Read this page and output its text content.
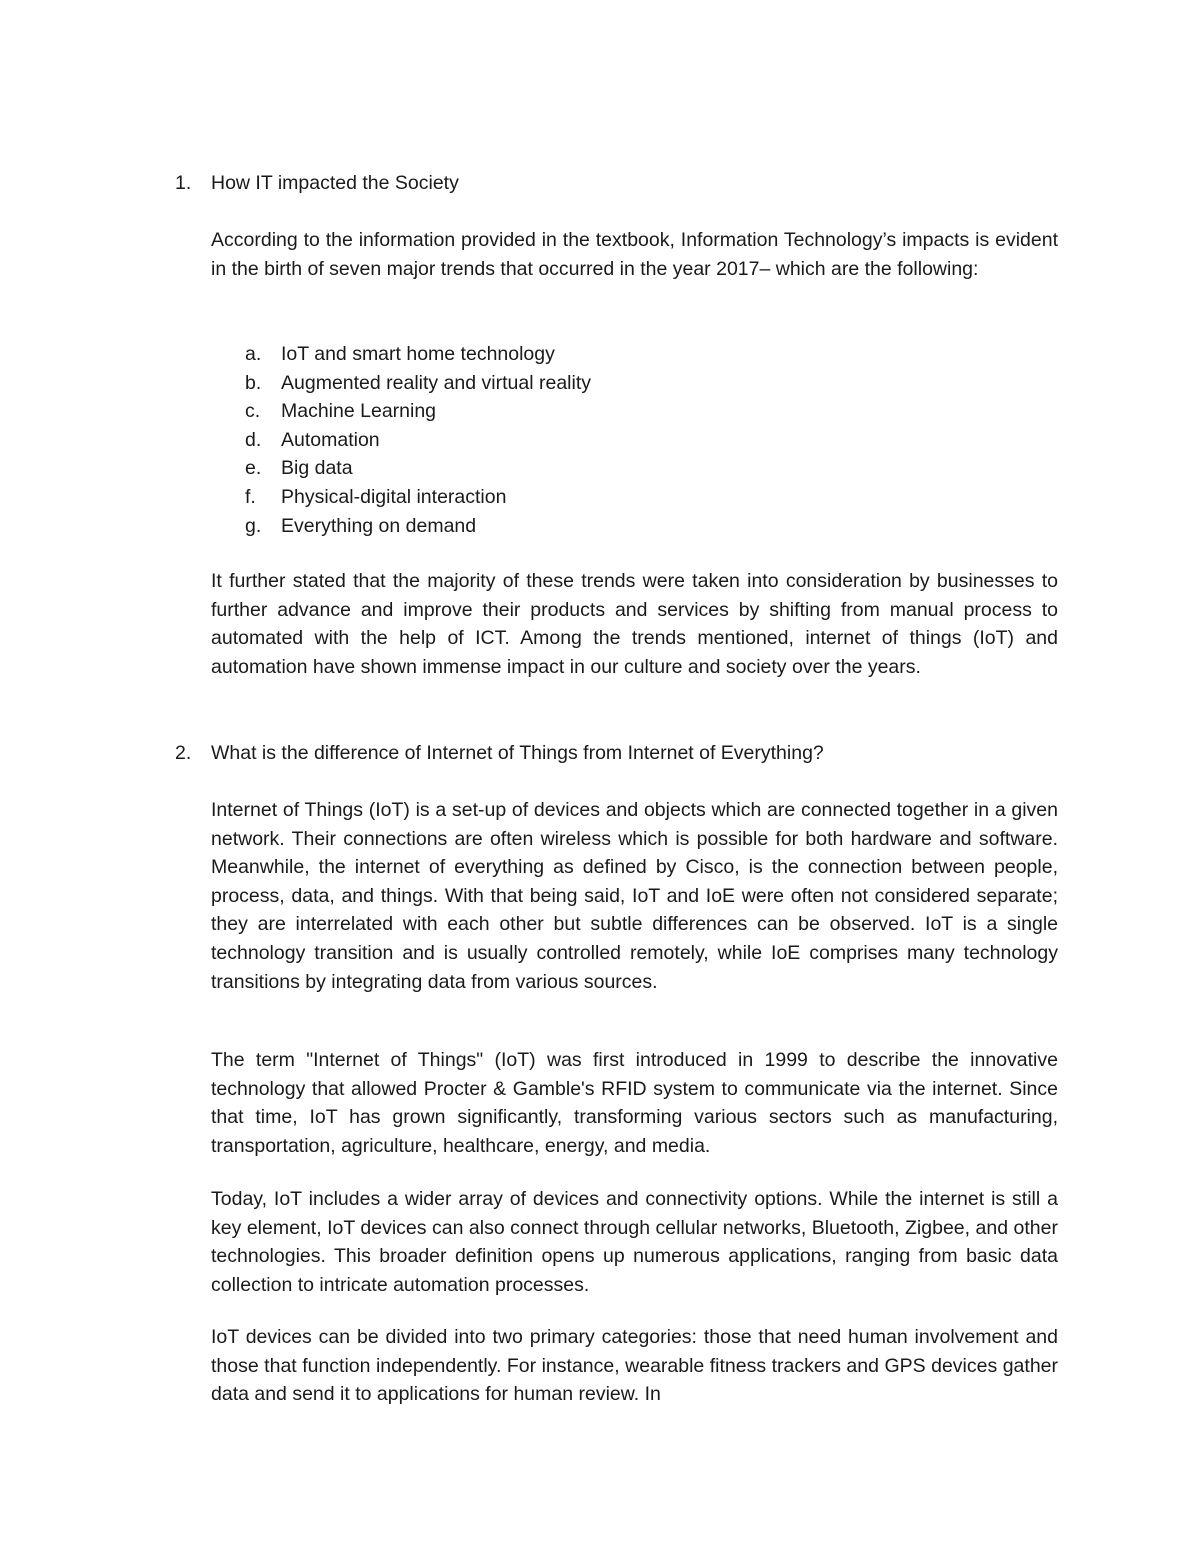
1. How IT impacted the Society
According to the information provided in the textbook, Information Technology’s impacts is evident in the birth of seven major trends that occurred in the year 2017– which are the following:
a. IoT and smart home technology
b. Augmented reality and virtual reality
c. Machine Learning
d. Automation
e. Big data
f. Physical-digital interaction
g. Everything on demand
It further stated that the majority of these trends were taken into consideration by businesses to further advance and improve their products and services by shifting from manual process to automated with the help of ICT. Among the trends mentioned, internet of things (IoT) and automation have shown immense impact in our culture and society over the years.
2. What is the difference of Internet of Things from Internet of Everything?
Internet of Things (IoT) is a set-up of devices and objects which are connected together in a given network. Their connections are often wireless which is possible for both hardware and software. Meanwhile, the internet of everything as defined by Cisco, is the connection between people, process, data, and things. With that being said, IoT and IoE were often not considered separate; they are interrelated with each other but subtle differences can be observed. IoT is a single technology transition and is usually controlled remotely, while IoE comprises many technology transitions by integrating data from various sources.
The term "Internet of Things" (IoT) was first introduced in 1999 to describe the innovative technology that allowed Procter & Gamble's RFID system to communicate via the internet. Since that time, IoT has grown significantly, transforming various sectors such as manufacturing, transportation, agriculture, healthcare, energy, and media.
Today, IoT includes a wider array of devices and connectivity options. While the internet is still a key element, IoT devices can also connect through cellular networks, Bluetooth, Zigbee, and other technologies. This broader definition opens up numerous applications, ranging from basic data collection to intricate automation processes.
IoT devices can be divided into two primary categories: those that need human involvement and those that function independently. For instance, wearable fitness trackers and GPS devices gather data and send it to applications for human review. In
